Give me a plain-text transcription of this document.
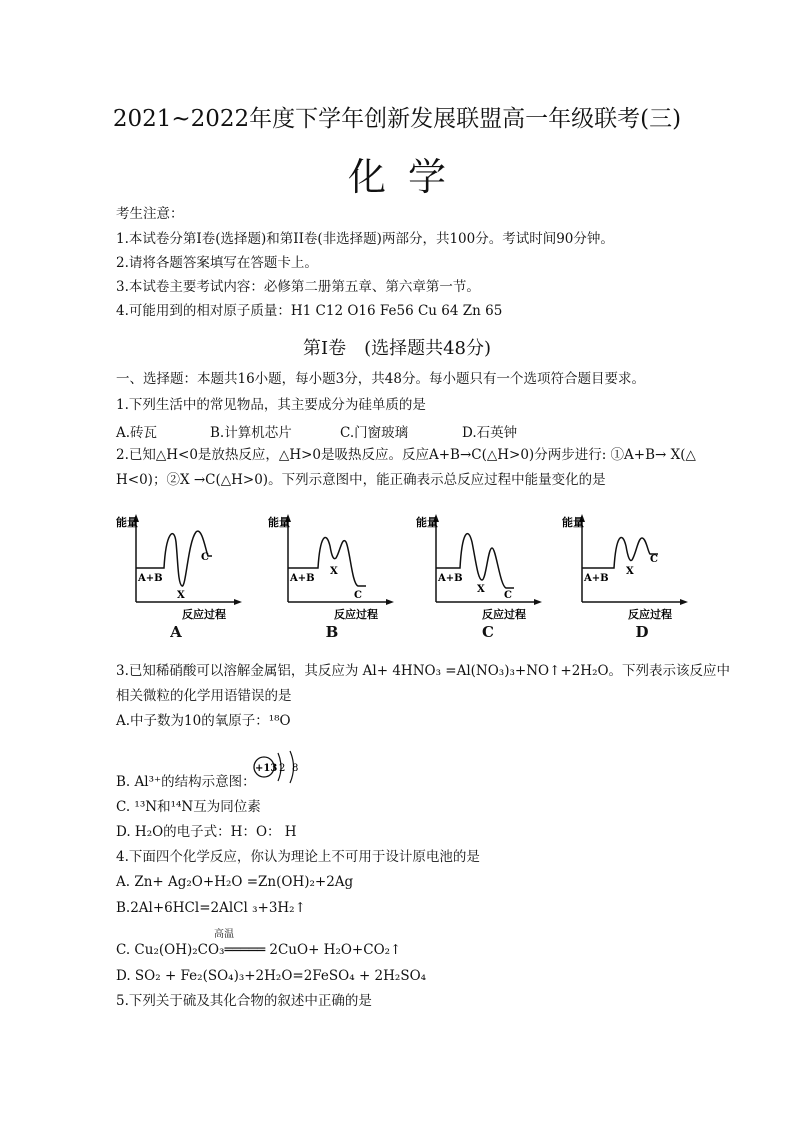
2021~2022年度下学年创新发展联盟高一年级联考(三)
化学
考生注意：
1.本试卷分第I卷(选择题)和第II卷(非选择题)两部分，共100分。考试时间90分钟。
2.请将各题答案填写在答题卡上。
3.本试卷主要考试内容：必修第二册第五章、第六章第一节。
4.可能用到的相对原子质量：H1 C12 O16 Fe56 Cu 64 Zn 65
第I卷　(选择题共48分)
一、选择题：本题共16小题，每小题3分，共48分。每小题只有一个选项符合题目要求。
1.下列生活中的常见物品，其主要成分为硅单质的是
A.砖瓦	B.计算机芯片	C.门窗玻璃	D.石英钟
2.已知△H<0是放热反应，△H>0是吸热反应。反应A+B→C(△H>0)分两步进行: ①A+B→ X(△
H<0)；②X →C(△H>0)。下列示意图中，能正确表示总反应过程中能量变化的是
能量
A+B
X
C
反应过程
A
能量
A+B
X
C
反应过程
B
能量
A+B
X
C
反应过程
C
能量
A+B
X
C
反应过程
D
3.已知稀硝酸可以溶解金属铝，其反应为 Al+ 4HNO₃ =Al(NO₃)₃+NO↑+2H₂O。下列表示该反应中
相关微粒的化学用语错误的是
A.中子数为10的氧原子：¹⁸O
B. Al³⁺的结构示意图：
+13 2 8
C. ¹³N和¹⁴N互为同位素
D. H₂O的电子式：H：O： H
4.下面四个化学反应，你认为理论上不可用于设计原电池的是
A. Zn+ Ag₂O+H₂O =Zn(OH)₂+2Ag
B.2Al+6HCl=2AlCl ₃+3H₂↑
高温
C. Cu₂(OH)₂CO₃═════ 2CuO+ H₂O+CO₂↑
D. SO₂ + Fe₂(SO₄)₃+2H₂O=2FeSO₄ + 2H₂SO₄
5.下列关于硫及其化合物的叙述中正确的是
